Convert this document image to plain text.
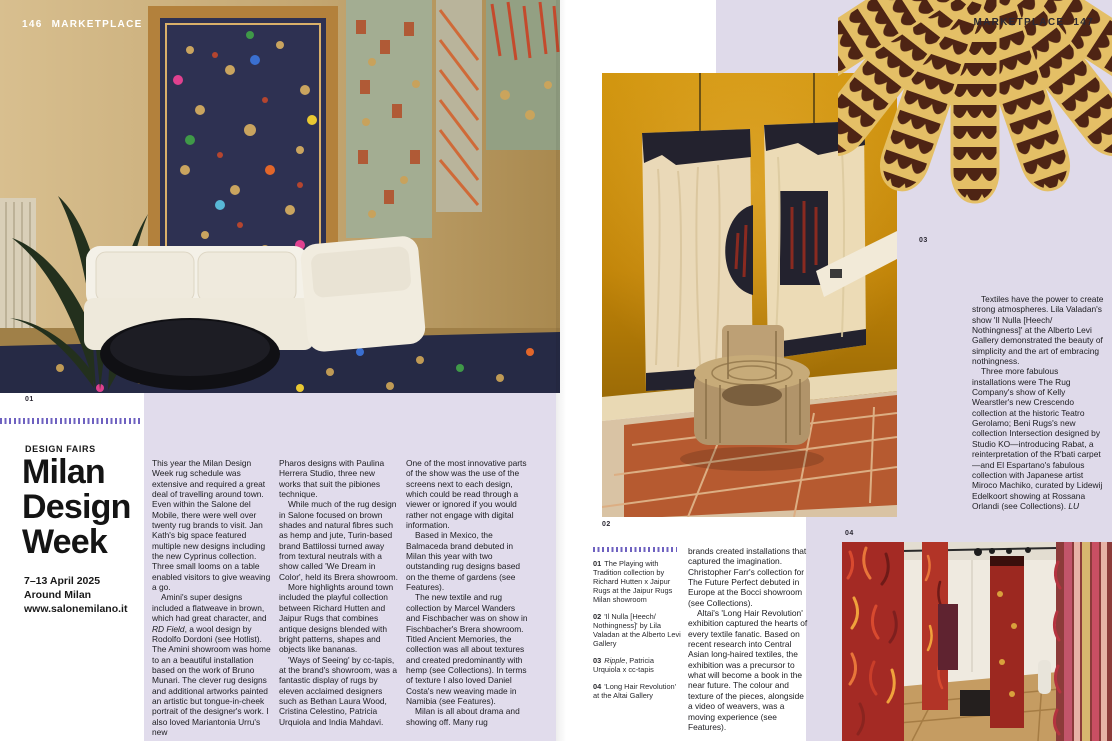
01
146 MARKETPLACE
DESIGN FAIRS
Milan
Design
Week
7–13 April 2025
Around Milan
www.salonemilano.it

This year the Milan Design Week rug schedule was extensive and required a great deal of travelling around town. Even within the Salone del Mobile, there were well over twenty rug brands to visit. Jan Kath's big space featured multiple new designs including the new Cyprinus collection. Three small looms on a table enabled visitors to give weaving a go.

Amini's super designs included a flatweave in brown, which had great character, and RD Field, a wool design by Rodolfo Dordoni (see Hotlist). The Amini showroom was home to an a beautiful installation based on the work of Bruno Munari. The clever rug designs and additional artworks painted an artistic but tongue-in-cheek portrait of the designer's work. I also loved Mariantonia Urru's new

Pharos designs with Paulina Herrera Studio, three new works that suit the pibiones technique.

While much of the rug design in Salone focused on brown shades and natural fibres such as hemp and jute, Turin-based brand Battilossi turned away from textural neutrals with a show called 'We Dream in Color', held its Brera showroom.

More highlights around town included the playful collection between Richard Hutten and Jaipur Rugs that combines antique designs blended with bright patterns, shapes and objects like bananas.

'Ways of Seeing' by cc-tapis, at the brand's showroom, was a fantastic display of rugs by eleven acclaimed designers such as Bethan Laura Wood, Cristina Celestino, Patricia Urquiola and India Mahdavi.

One of the most innovative parts of the show was the use of the screens next to each design, which could be read through a viewer or ignored if you would rather not engage with digital information.

Based in Mexico, the Balmaceda brand debuted in Milan this year with two outstanding rug designs based on the theme of gardens (see Features).

The new textile and rug collection by Marcel Wanders and Fischbacher was on show in Fischbacher's Brera showroom. Titled Ancient Memories, the collection was all about textures and created predominantly with hemp (see Collections). In terms of texture I also loved Daniel Costa's new weaving made in Namibia (see Features).

Milan is all about drama and showing off. Many rug

MARKETPLACE 147
02
03
04
01 The Playing with Tradition collection by Richard Hutten x Jaipur Rugs at the Jaipur Rugs Milan showroom
02 'Il Nulla [Heech/ Nothingness]' by Lila Valadan at the Alberto Levi Gallery
03 Ripple, Patricia Urquiola x cc-tapis
04 'Long Hair Revolution' at the Altai Gallery

brands created installations that captured the imagination. Christopher Farr's collection for The Future Perfect debuted in Europe at the Bocci showroom (see Collections).

Altai's 'Long Hair Revolution' exhibition captured the hearts of every textile fanatic. Based on recent research into Central Asian long-haired textiles, the exhibition was a precursor to what will become a book in the near future. The colour and texture of the pieces, alongside a video of weavers, was a moving experience (see Features).

Textiles have the power to create strong atmospheres. Lila Valadan's show 'Il Nulla [Heech/ Nothingness]' at the Alberto Levi Gallery demonstrated the beauty of simplicity and the art of embracing nothingness.

Three more fabulous installations were The Rug Company's show of Kelly Wearstler's new Crescendo collection at the historic Teatro Gerolamo; Beni Rugs's new collection Intersection designed by Studio KO—introducing Rabat, a reinterpretation of the R'bati carpet—and El Espartano's fabulous collection with Japanese artist Miroco Machiko, curated by Lidewij Edelkoort showing at Rossana Orlandi (see Collections). LU
